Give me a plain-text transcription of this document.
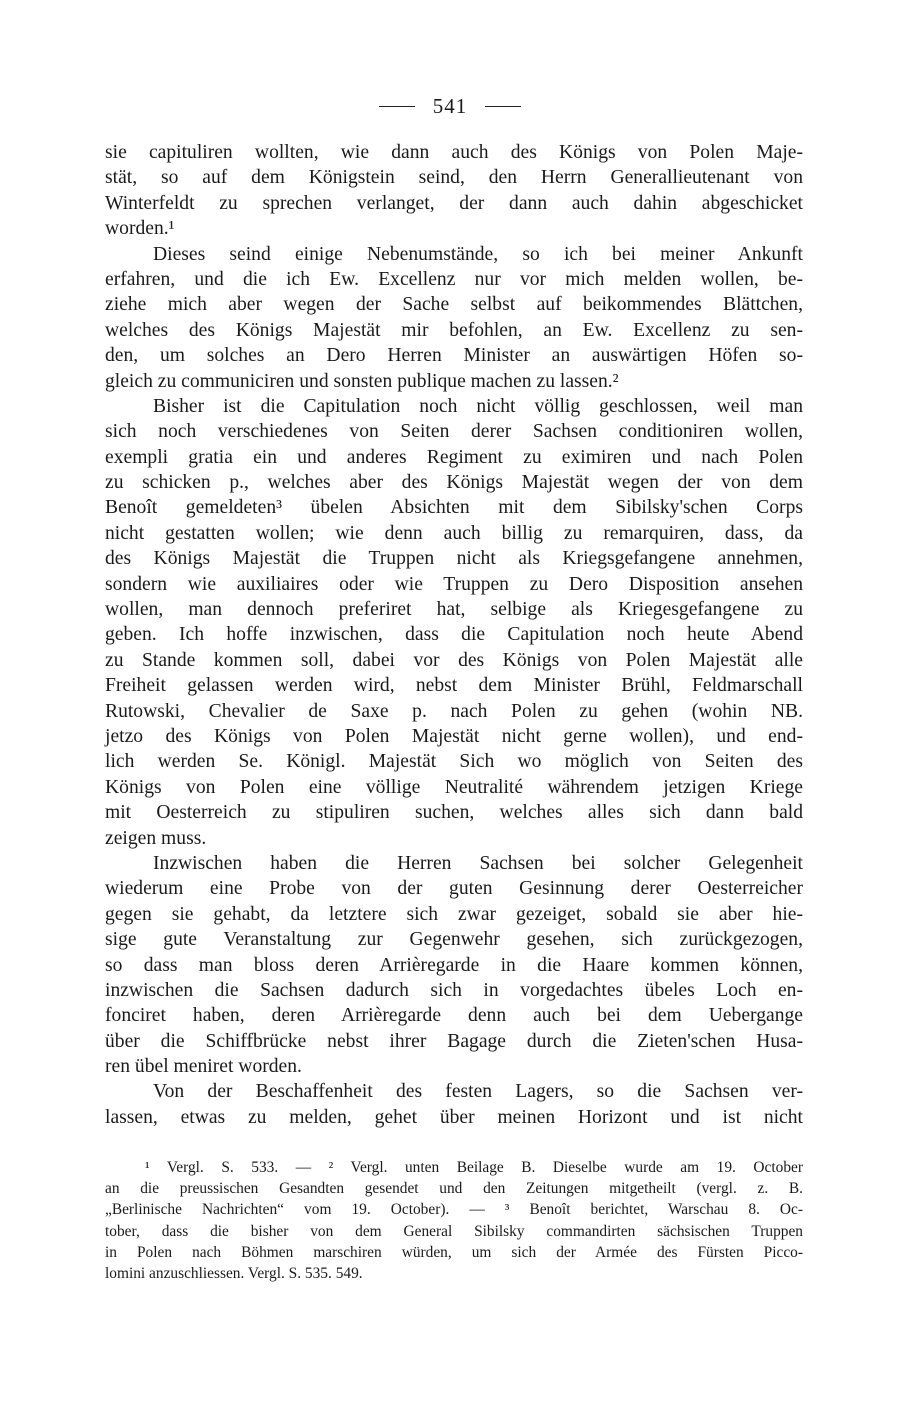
541
sie capituliren wollten, wie dann auch des Königs von Polen Maje-
stät, so auf dem Königstein seind, den Herrn Generallieutenant von
Winterfeldt zu sprechen verlanget, der dann auch dahin abgeschicket
worden.¹
Dieses seind einige Nebenumstände, so ich bei meiner Ankunft
erfahren, und die ich Ew. Excellenz nur vor mich melden wollen, be-
ziehe mich aber wegen der Sache selbst auf beikommendes Blättchen,
welches des Königs Majestät mir befohlen, an Ew. Excellenz zu sen-
den, um solches an Dero Herren Minister an auswärtigen Höfen so-
gleich zu communiciren und sonsten publique machen zu lassen.²
Bisher ist die Capitulation noch nicht völlig geschlossen, weil man
sich noch verschiedenes von Seiten derer Sachsen conditioniren wollen,
exempli gratia ein und anderes Regiment zu eximiren und nach Polen
zu schicken p., welches aber des Königs Majestät wegen der von dem
Benoît gemeldeten³ übelen Absichten mit dem Sibilsky'schen Corps
nicht gestatten wollen; wie denn auch billig zu remarquiren, dass, da
des Königs Majestät die Truppen nicht als Kriegsgefangene annehmen,
sondern wie auxiliaires oder wie Truppen zu Dero Disposition ansehen
wollen, man dennoch preferiret hat, selbige als Kriegesgefangene zu
geben. Ich hoffe inzwischen, dass die Capitulation noch heute Abend
zu Stande kommen soll, dabei vor des Königs von Polen Majestät alle
Freiheit gelassen werden wird, nebst dem Minister Brühl, Feldmarschall
Rutowski, Chevalier de Saxe p. nach Polen zu gehen (wohin NB.
jetzo des Königs von Polen Majestät nicht gerne wollen), und end-
lich werden Se. Königl. Majestät Sich wo möglich von Seiten des
Königs von Polen eine völlige Neutralité währendem jetzigen Kriege
mit Oesterreich zu stipuliren suchen, welches alles sich dann bald
zeigen muss.
Inzwischen haben die Herren Sachsen bei solcher Gelegenheit
wiederum eine Probe von der guten Gesinnung derer Oesterreicher
gegen sie gehabt, da letztere sich zwar gezeiget, sobald sie aber hie-
sige gute Veranstaltung zur Gegenwehr gesehen, sich zurückgezogen,
so dass man bloss deren Arrièregarde in die Haare kommen können,
inzwischen die Sachsen dadurch sich in vorgedachtes übeles Loch en-
fonciret haben, deren Arrièregarde denn auch bei dem Uebergange
über die Schiffbrücke nebst ihrer Bagage durch die Zieten'schen Husa-
ren übel meniret worden.
Von der Beschaffenheit des festen Lagers, so die Sachsen ver-
lassen, etwas zu melden, gehet über meinen Horizont und ist nicht
¹ Vergl. S. 533. — ² Vergl. unten Beilage B. Dieselbe wurde am 19. October
an die preussischen Gesandten gesendet und den Zeitungen mitgetheilt (vergl. z. B.
„Berlinische Nachrichten“ vom 19. October). — ³ Benoît berichtet, Warschau 8. Oc-
tober, dass die bisher von dem General Sibilsky commandirten sächsischen Truppen
in Polen nach Böhmen marschiren würden, um sich der Armée des Fürsten Picco-
lomini anzuschliessen. Vergl. S. 535. 549.
